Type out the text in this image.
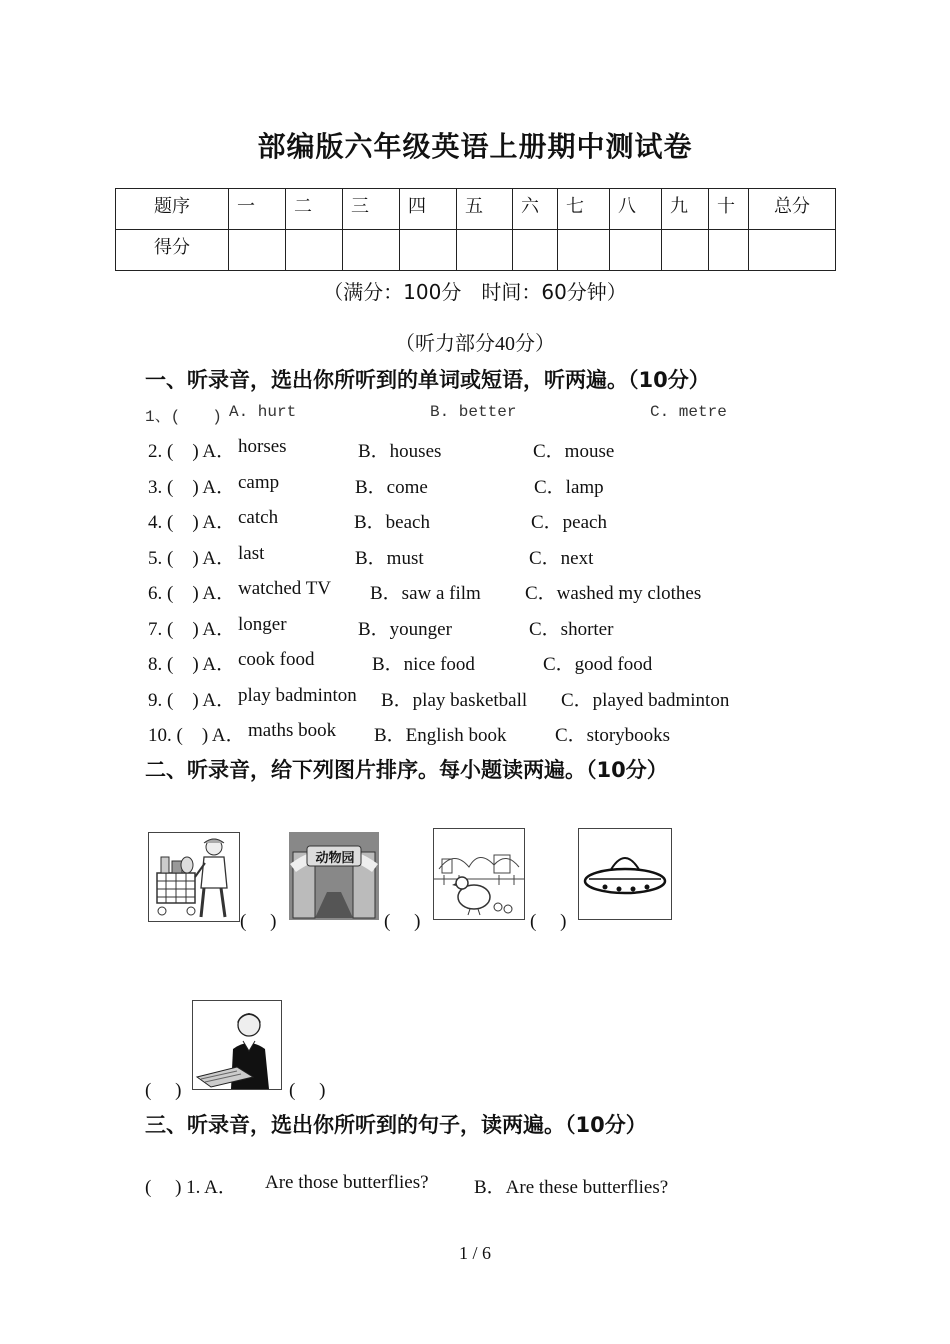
部编版六年级英语上册期中测试卷
题序	一	二	三	四	五	六	七	八	九	十	总分
得分											
（满分：100分　时间：60分钟）
（听力部分40分）
一、听录音，选出你所听到的单词或短语，听两遍。（10分）
1、(　　) A. hurt	B. better	C. metre
2. (　) A． horses	B．houses	C．mouse
3. (　) A． camp	B．come	C．lamp
4. (　) A． catch	B．beach	C．peach
5. (　) A． last	B．must	C．next
6. (　) A． watched TV B．saw a film C．washed my clothes
7. (　) A． longer	B．younger	C．shorter
8. (　) A． cook food	B．nice food	C．good food
9. (　) A． play badminton B．play basketball C．played badminton
10. (　) A． maths book B．English book	C．storybooks
二、听录音，给下列图片排序。每小题读两遍。（10分）
(　 )
动物园
(　 )	(　 )
(　 )	(　 )
三、听录音，选出你所听到的句子，读两遍。（10分）
(　 ) 1. A． Are those butterflies? B．Are these butterflies?
1 / 6
